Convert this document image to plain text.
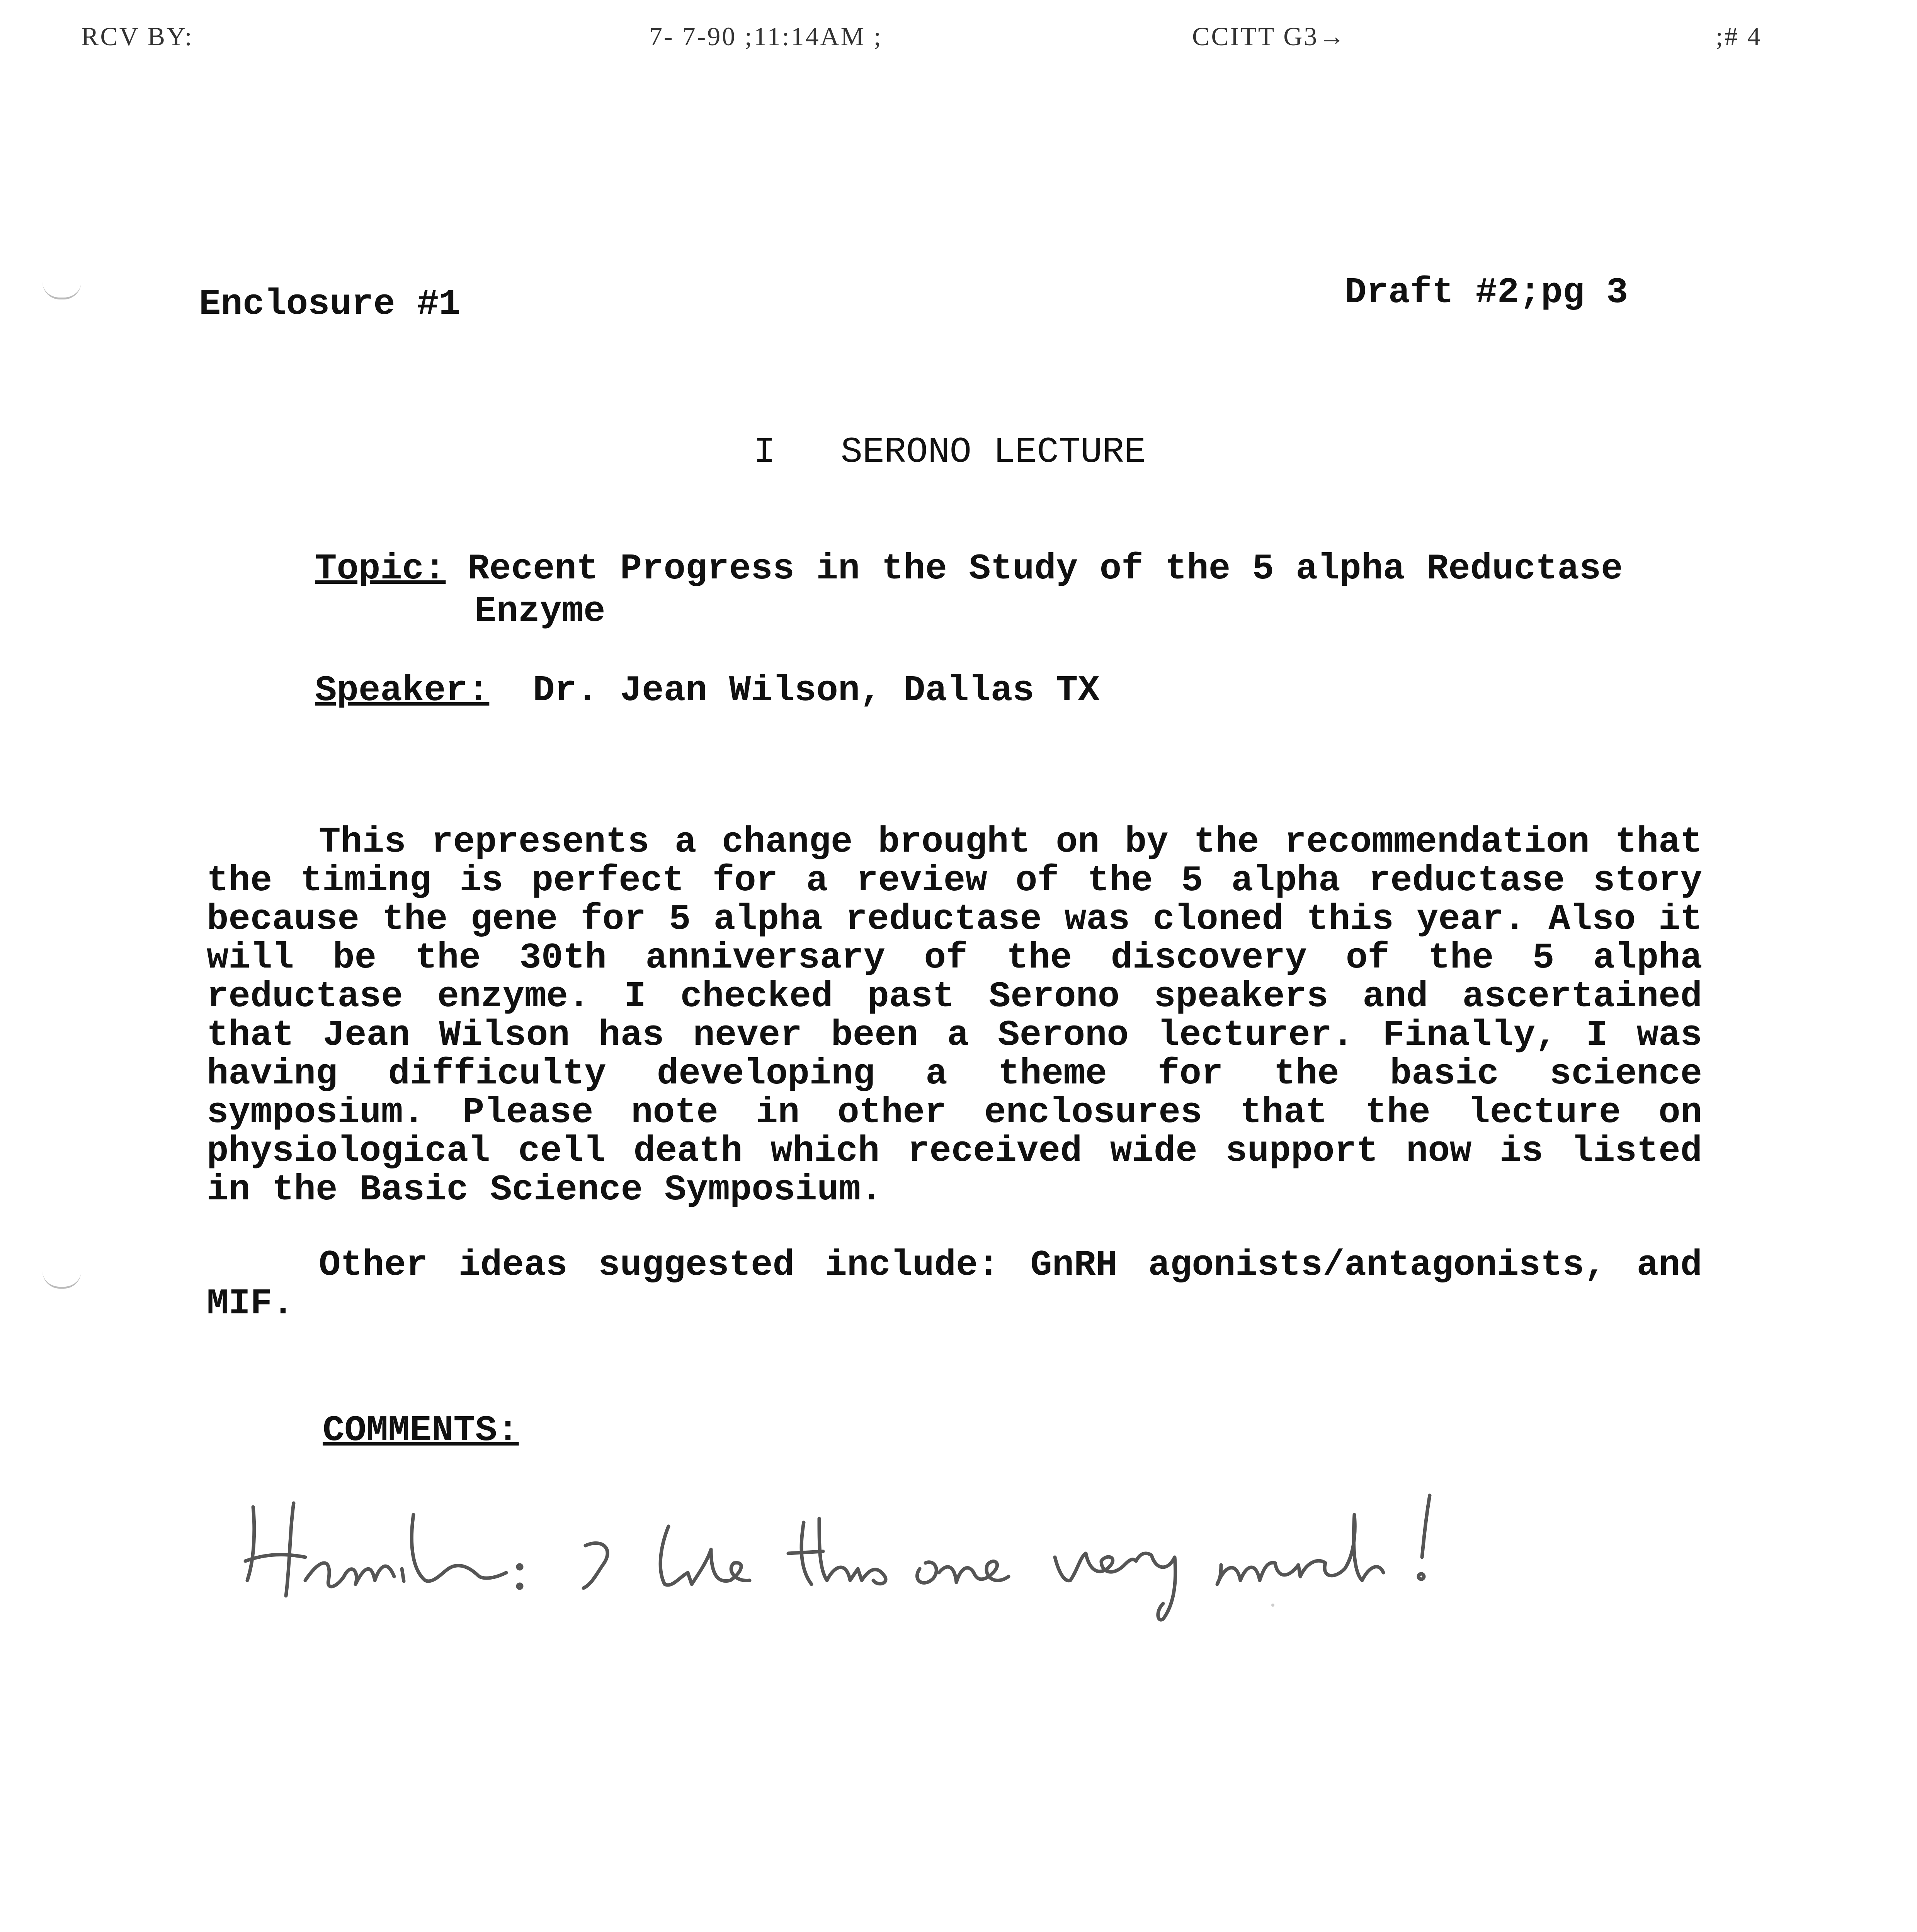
RCV BY:	7- 7-90 ;11:14AM ;	CCITT G3→	;# 4
Enclosure #1	Draft #2;pg 3
I   SERONO LECTURE
Topic: Recent Progress in the Study of the 5 alpha Reductase
Enzyme
Speaker: Dr. Jean Wilson, Dallas TX
This represents a change brought on by the recommendation that the timing is perfect for a review of the 5 alpha reductase story because the gene for 5 alpha reductase was cloned this year. Also it will be the 30th anniversary of the discovery of the 5 alpha reductase enzyme. I checked past Serono speakers and ascertained that Jean Wilson has never been a Serono lecturer. Finally, I was having difficulty developing a theme for the basic science symposium. Please note in other enclosures that the lecture on physiological cell death which received wide support now is listed in the Basic Science Symposium.
Other ideas suggested include: GnRH agonists/antagonists, and MIF.
COMMENTS:
